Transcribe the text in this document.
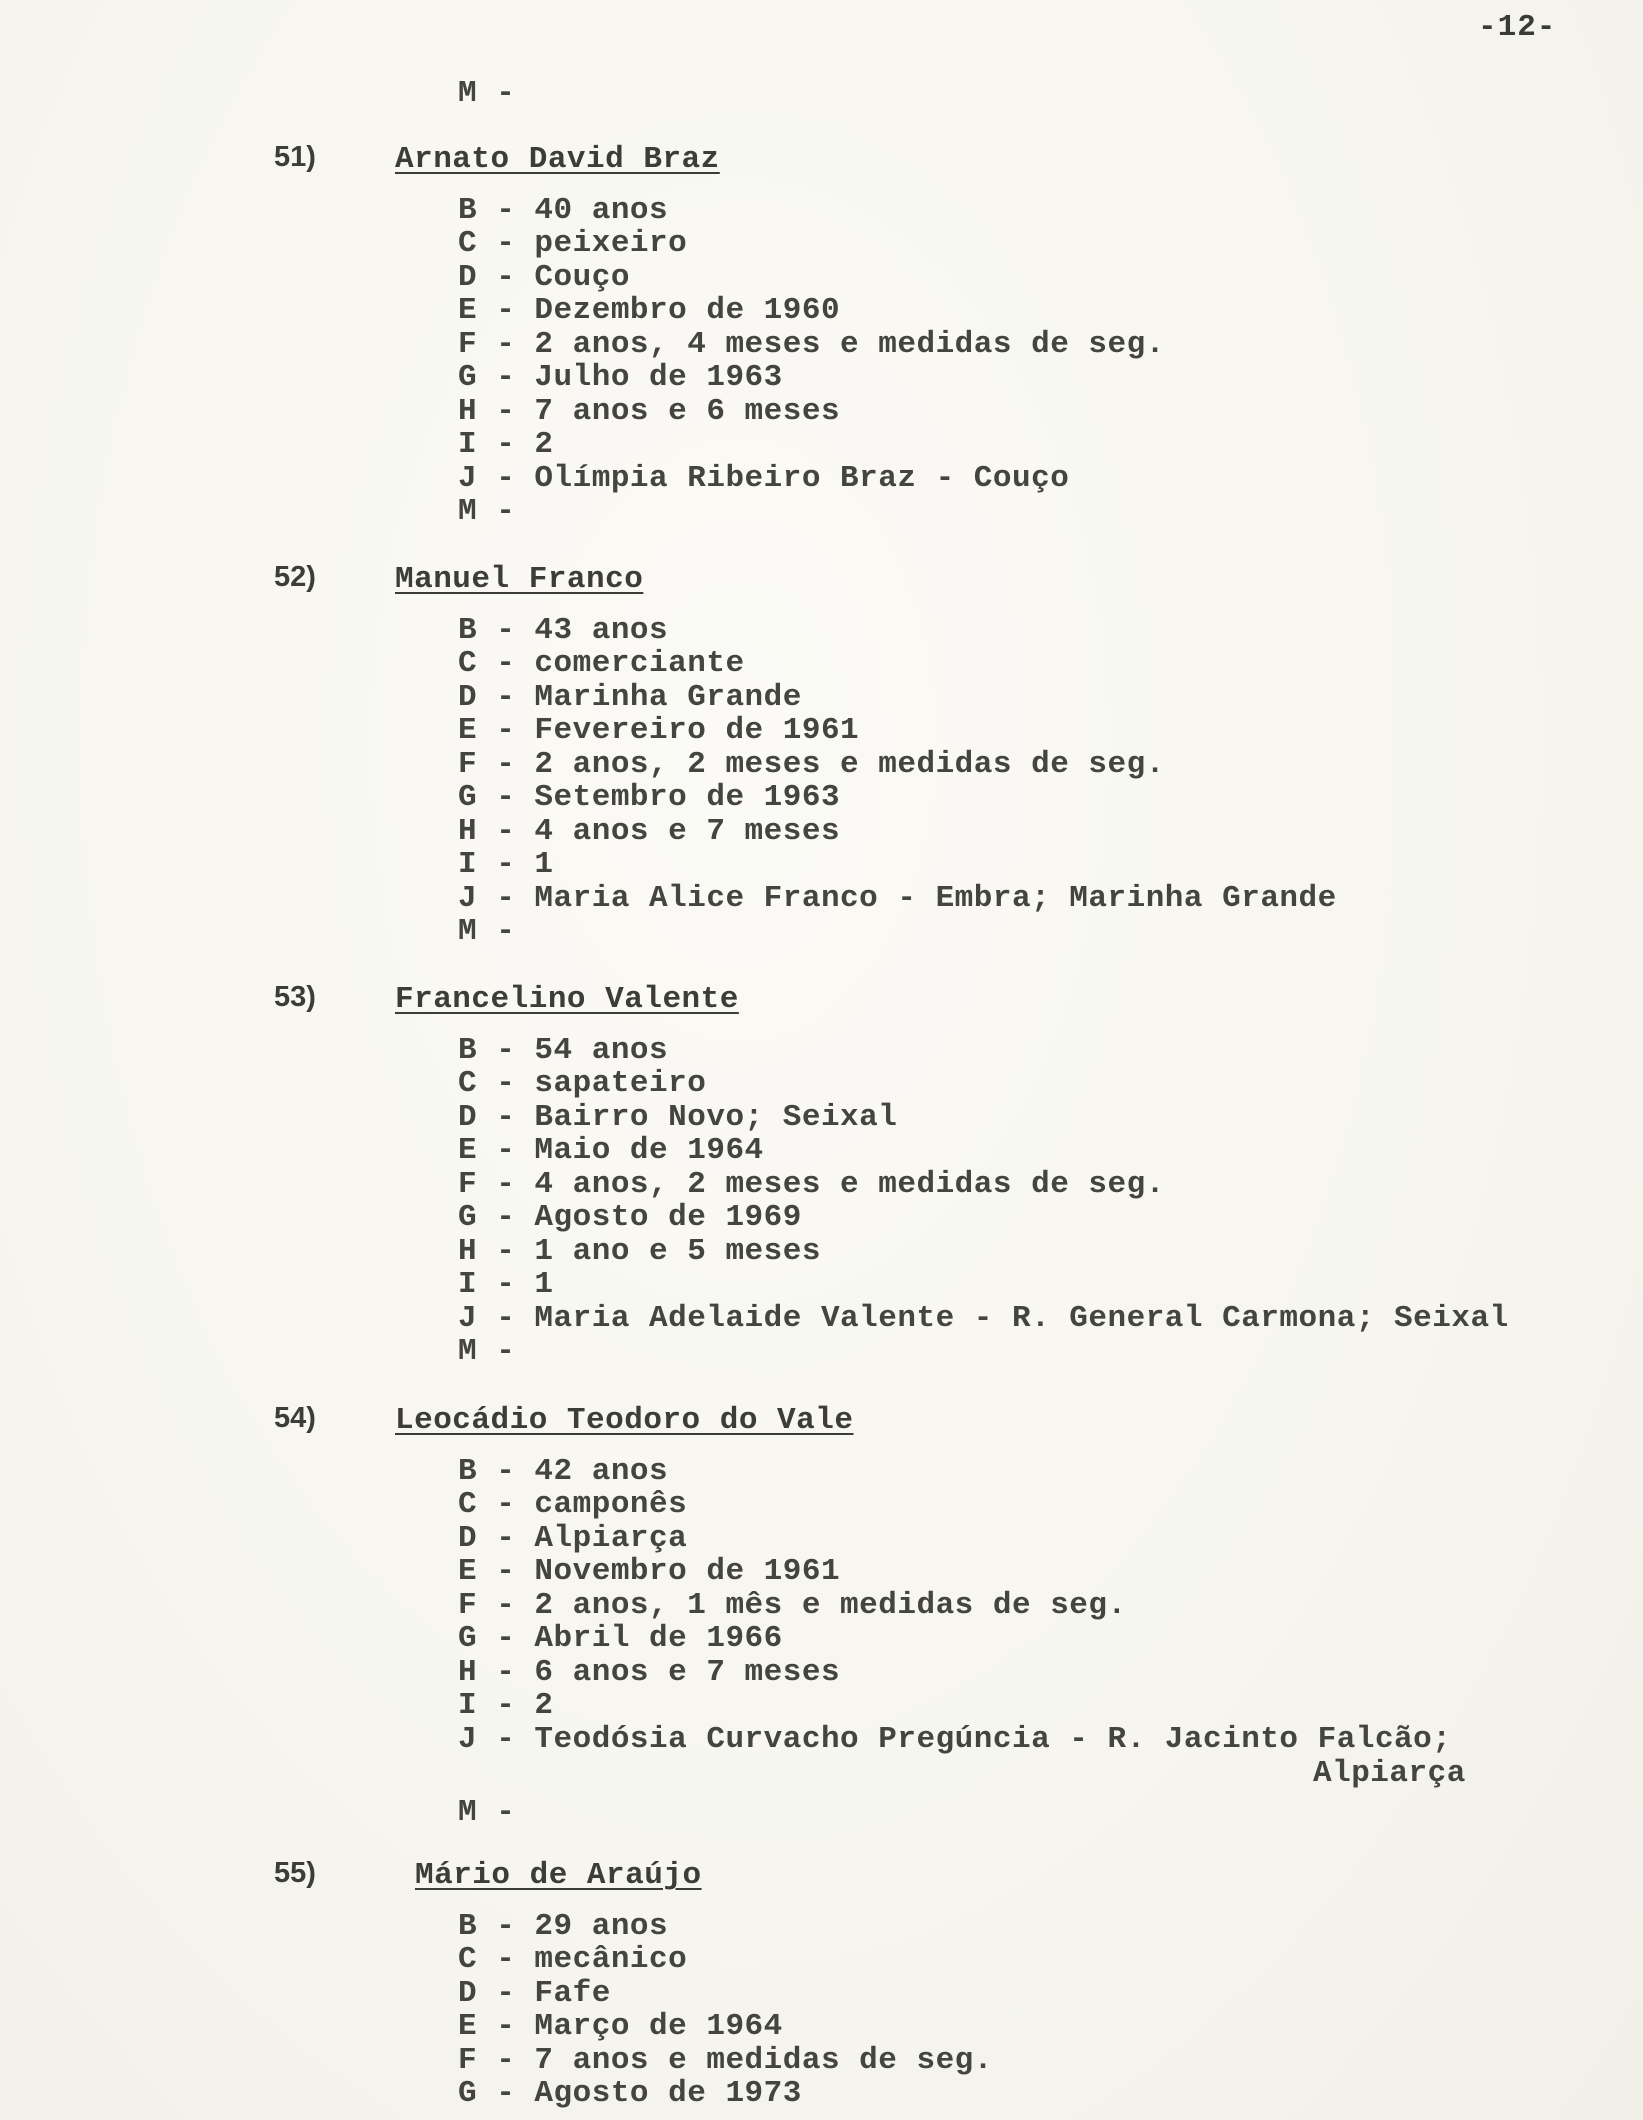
-12-
M -
51)	Arnato David Braz
B - 40 anos
C - peixeiro
D - Couço
E - Dezembro de 1960
F - 2 anos, 4 meses e medidas de seg.
G - Julho de 1963
H - 7 anos e 6 meses
I - 2
J - Olímpia Ribeiro Braz - Couço
M -
52)	Manuel Franco
B - 43 anos
C - comerciante
D - Marinha Grande
E - Fevereiro de 1961
F - 2 anos, 2 meses e medidas de seg.
G - Setembro de 1963
H - 4 anos e 7 meses
I - 1
J - Maria Alice Franco - Embra; Marinha Grande
M -
53)	Francelino Valente
B - 54 anos
C - sapateiro
D - Bairro Novo; Seixal
E - Maio de 1964
F - 4 anos, 2 meses e medidas de seg.
G - Agosto de 1969
H - 1 ano e 5 meses
I - 1
J - Maria Adelaide Valente - R. General Carmona; Seixal
M -
54)	Leocádio Teodoro do Vale
B - 42 anos
C - camponês
D - Alpiarça
E - Novembro de 1961
F - 2 anos, 1 mês e medidas de seg.
G - Abril de 1966
H - 6 anos e 7 meses
I - 2
J - Teodósia Curvacho Pregúncia - R. Jacinto Falcão;
Alpiarça
M -
55)	Mário de Araújo
B - 29 anos
C - mecânico
D - Fafe
E - Março de 1964
F - 7 anos e medidas de seg.
G - Agosto de 1973
